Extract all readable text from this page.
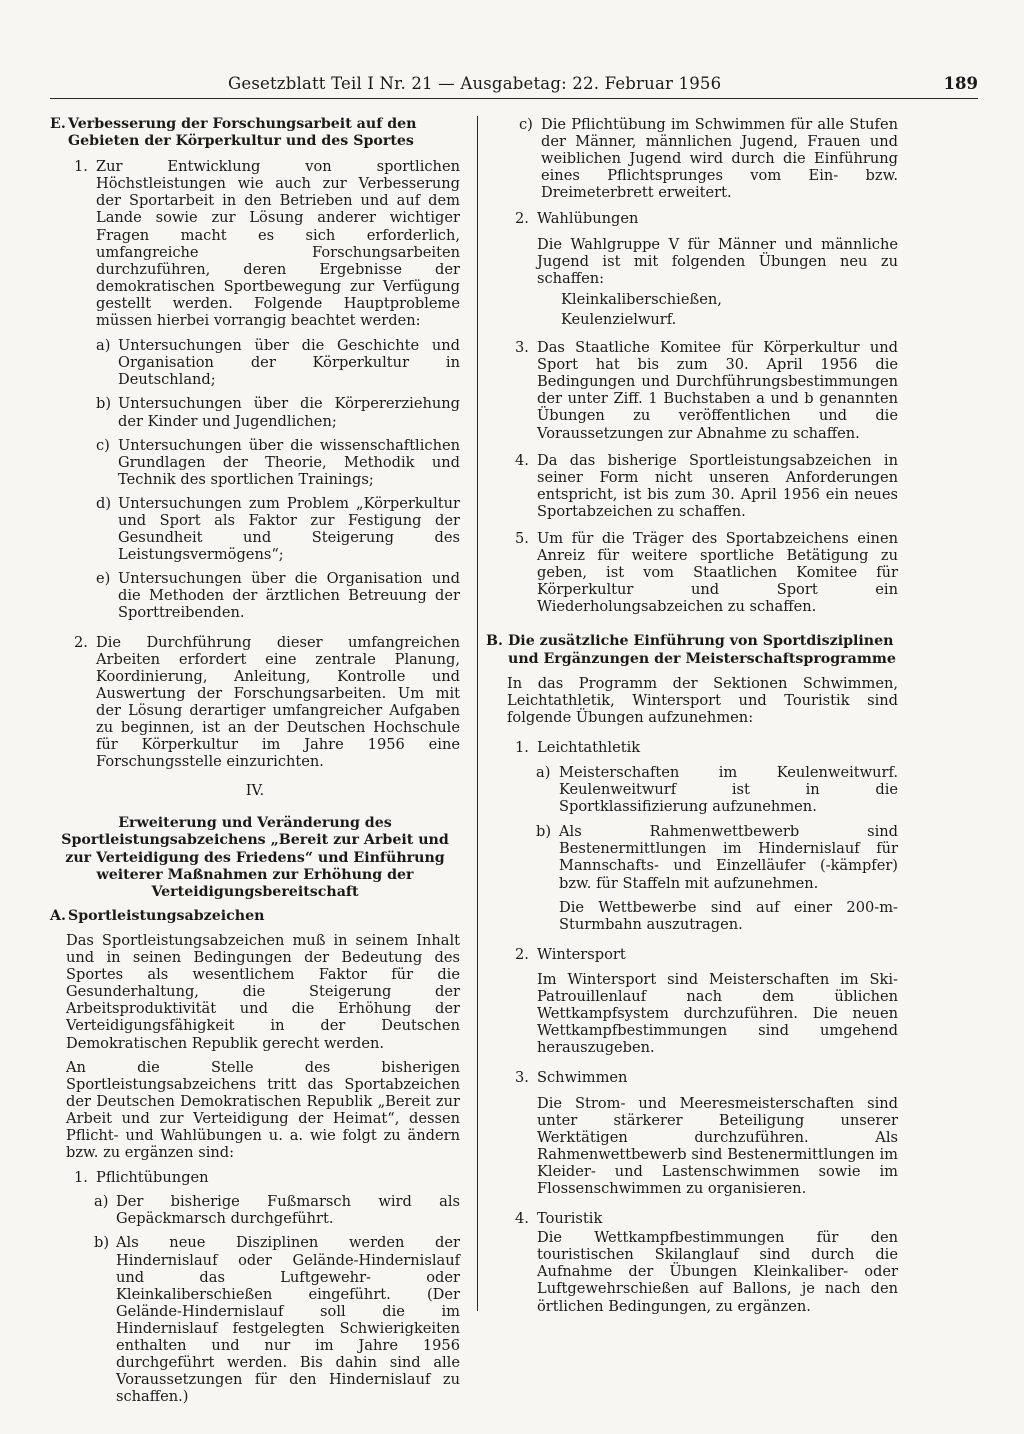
Gesetzblatt Teil I Nr. 21 — Ausgabetag: 22. Februar 1956	189
E. Verbesserung der Forschungsarbeit auf den Gebieten der Körperkultur und des Sportes
1. Zur Entwicklung von sportlichen Höchstleistungen wie auch zur Verbesserung der Sportarbeit in den Betrieben und auf dem Lande sowie zur Lösung anderer wichtiger Fragen macht es sich erforderlich, umfangreiche Forschungsarbeiten durchzuführen, deren Ergebnisse der demokratischen Sportbewegung zur Verfügung gestellt werden. Folgende Hauptprobleme müssen hierbei vorrangig beachtet werden:

a) Untersuchungen über die Geschichte und Organisation der Körperkultur in Deutschland;

b) Untersuchungen über die Körpererziehung der Kinder und Jugendlichen;

c) Untersuchungen über die wissenschaftlichen Grundlagen der Theorie, Methodik und Technik des sportlichen Trainings;

d) Untersuchungen zum Problem „Körperkultur und Sport als Faktor zur Festigung der Gesundheit und Steigerung des Leistungsvermögens“;

e) Untersuchungen über die Organisation und die Methoden der ärztlichen Betreuung der Sporttreibenden.

2. Die Durchführung dieser umfangreichen Arbeiten erfordert eine zentrale Planung, Koordinierung, Anleitung, Kontrolle und Auswertung der Forschungsarbeiten. Um mit der Lösung derartiger umfangreicher Aufgaben zu beginnen, ist an der Deutschen Hochschule für Körperkultur im Jahre 1956 eine Forschungsstelle einzurichten.

IV.
Erweiterung und Veränderung des Sportleistungsabzeichens „Bereit zur Arbeit und zur Verteidigung des Friedens“ und Einführung weiterer Maßnahmen zur Erhöhung der Verteidigungsbereitschaft
A. Sportleistungsabzeichen

Das Sportleistungsabzeichen muß in seinem Inhalt und in seinen Bedingungen der Bedeutung des Sportes als wesentlichem Faktor für die Gesunderhaltung, die Steigerung der Arbeitsproduktivität und die Erhöhung der Verteidigungsfähigkeit in der Deutschen Demokratischen Republik gerecht werden.

An die Stelle des bisherigen Sportleistungsabzeichens tritt das Sportabzeichen der Deutschen Demokratischen Republik „Bereit zur Arbeit und zur Verteidigung der Heimat“, dessen Pflicht- und Wahlübungen u. a. wie folgt zu ändern bzw. zu ergänzen sind:

1. Pflichtübungen
a) Der bisherige Fußmarsch wird als Gepäckmarsch durchgeführt.

b) Als neue Disziplinen werden der Hindernislauf oder Gelände-Hindernislauf und das Luftgewehr- oder Kleinkaliberschießen eingeführt. (Der Gelände-Hindernislauf soll die im Hindernislauf festgelegten Schwierigkeiten enthalten und nur im Jahre 1956 durchgeführt werden. Bis dahin sind alle Voraussetzungen für den Hindernislauf zu schaffen.)

c) Die Pflichtübung im Schwimmen für alle Stufen der Männer, männlichen Jugend, Frauen und weiblichen Jugend wird durch die Einführung eines Pflichtsprunges vom Ein- bzw. Dreimeterbrett erweitert.

2. Wahlübungen

Die Wahlgruppe V für Männer und männliche Jugend ist mit folgenden Übungen neu zu schaffen:

Kleinkaliberschießen,
Keulenzielwurf.
3. Das Staatliche Komitee für Körperkultur und Sport hat bis zum 30. April 1956 die Bedingungen und Durchführungsbestimmungen der unter Ziff. 1 Buchstaben a und b genannten Übungen zu veröffentlichen und die Voraussetzungen zur Abnahme zu schaffen.

4. Da das bisherige Sportleistungsabzeichen in seiner Form nicht unseren Anforderungen entspricht, ist bis zum 30. April 1956 ein neues Sportabzeichen zu schaffen.

5. Um für die Träger des Sportabzeichens einen Anreiz für weitere sportliche Betätigung zu geben, ist vom Staatlichen Komitee für Körperkultur und Sport ein Wiederholungsabzeichen zu schaffen.

B. Die zusätzliche Einführung von Sportdisziplinen und Ergänzungen der Meisterschaftsprogramme

In das Programm der Sektionen Schwimmen, Leichtathletik, Wintersport und Touristik sind folgende Übungen aufzunehmen:

1. Leichtathletik
a) Meisterschaften im Keulenweitwurf. Keulenweitwurf ist in die Sportklassifizierung aufzunehmen.

b) Als Rahmenwettbewerb sind Bestenermittlungen im Hindernislauf für Mannschafts- und Einzelläufer (-kämpfer) bzw. für Staffeln mit aufzunehmen.

Die Wettbewerbe sind auf einer 200-m-Sturmbahn auszutragen.

2. Wintersport

Im Wintersport sind Meisterschaften im Ski-Patrouillenlauf nach dem üblichen Wettkampfsystem durchzuführen. Die neuen Wettkampfbestimmungen sind umgehend herauszugeben.

3. Schwimmen

Die Strom- und Meeresmeisterschaften sind unter stärkerer Beteiligung unserer Werktätigen durchzuführen. Als Rahmenwettbewerb sind Bestenermittlungen im Kleider- und Lastenschwimmen sowie im Flossenschwimmen zu organisieren.

4. Touristik

Die Wettkampfbestimmungen für den touristischen Skilanglauf sind durch die Aufnahme der Übungen Kleinkaliber- oder Luftgewehrschießen auf Ballons, je nach den örtlichen Bedingungen, zu ergänzen.
